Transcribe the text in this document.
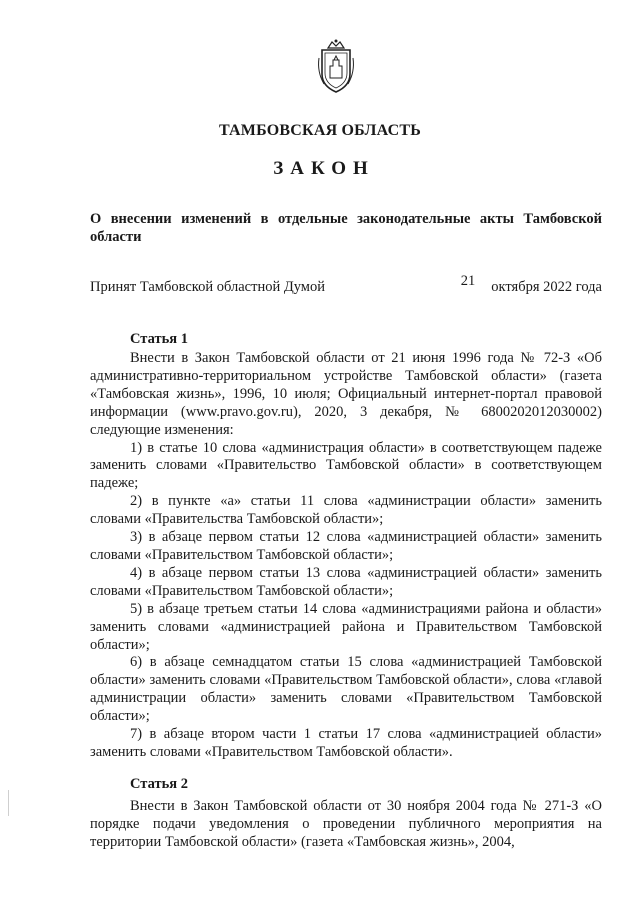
ТАМБОВСКАЯ ОБЛАСТЬ
ЗАКОН
О внесении изменений в отдельные законодательные акты Тамбовской области
Принят Тамбовской областной Думой	21 октября 2022 года
Статья 1

Внести в Закон Тамбовской области от 21 июня 1996 года № 72-З «Об административно-территориальном устройстве Тамбовской области» (газета «Тамбовская жизнь», 1996, 10 июля; Официальный интернет-портал правовой информации (www.pravo.gov.ru), 2020, 3 декабря, № 6800202012030002) следующие изменения:

1) в статье 10 слова «администрация области» в соответствующем падеже заменить словами «Правительство Тамбовской области» в соответствующем падеже;

2) в пункте «а» статьи 11 слова «администрации области» заменить словами «Правительства Тамбовской области»;

3) в абзаце первом статьи 12 слова «администрацией области» заменить словами «Правительством Тамбовской области»;

4) в абзаце первом статьи 13 слова «администрацией области» заменить словами «Правительством Тамбовской области»;

5) в абзаце третьем статьи 14 слова «администрациями района и области» заменить словами «администрацией района и Правительством Тамбовской области»;

6) в абзаце семнадцатом статьи 15 слова «администрацией Тамбовской области» заменить словами «Правительством Тамбовской области», слова «главой администрации области» заменить словами «Правительством Тамбовской области»;

7) в абзаце втором части 1 статьи 17 слова «администрацией области» заменить словами «Правительством Тамбовской области».

Статья 2

Внести в Закон Тамбовской области от 30 ноября 2004 года № 271-З «О порядке подачи уведомления о проведении публичного мероприятия на территории Тамбовской области» (газета «Тамбовская жизнь», 2004,
